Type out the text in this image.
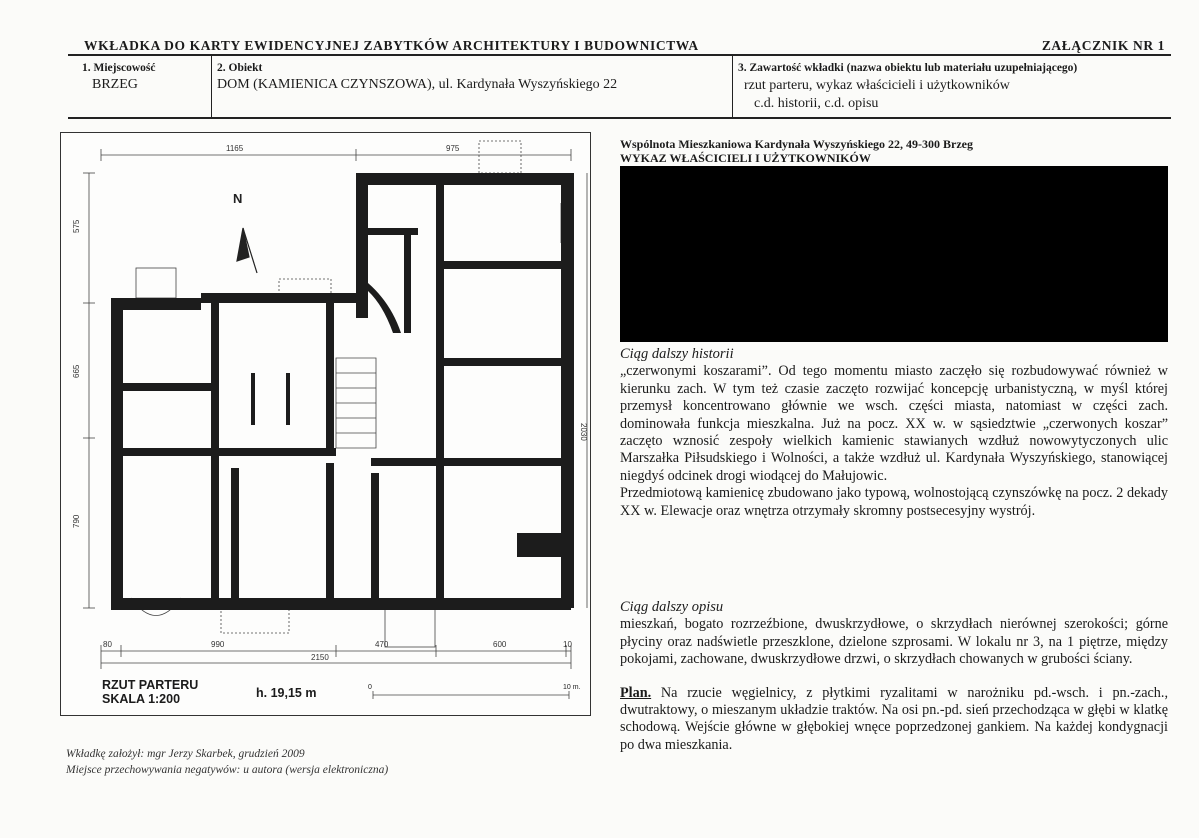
WKŁADKA DO KARTY EWIDENCYJNEJ ZABYTKÓW ARCHITEKTURY I BUDOWNICTWA	ZAŁĄCZNIK NR 1
1. Miejscowość
BRZEG
2. Obiekt
DOM (KAMIENICA CZYNSZOWA), ul. Kardynała Wyszyńskiego 22
3. Zawartość wkładki (nazwa obiektu lub materiału uzupełniającego)
rzut parteru, wykaz właścicieli i użytkowników
c.d. historii, c.d. opisu
N
1165	975
575
665
790
2030
80	990	470	600	10
2150
RZUT PARTERU
SKALA 1:200	h. 19,15 m	0	10 m.
Wkładkę założył: mgr Jerzy Skarbek, grudzień 2009
Miejsce przechowywania negatywów: u autora (wersja elektroniczna)
Wspólnota Mieszkaniowa Kardynała Wyszyńskiego 22, 49-300 Brzeg
WYKAZ WŁAŚCICIELI I UŻYTKOWNIKÓW
Ciąg dalszy historii

„czerwonymi koszarami”. Od tego momentu miasto zaczęło się rozbudowywać również w kierunku zach. W tym też czasie zaczęto rozwijać koncepcję urbanistyczną, w myśl której przemysł koncentrowano głównie we wsch. części miasta, natomiast w części zach. dominowała funkcja mieszkalna. Już na pocz. XX w. w sąsiedztwie „czerwonych koszar” zaczęto wznosić zespoły wielkich kamienic stawianych wzdłuż nowowytyczonych ulic Marszałka Piłsudskiego i Wolności, a także wzdłuż ul. Kardynała Wyszyńskiego, stanowiącej niegdyś odcinek drogi wiodącej do Małujowic.

Przedmiotową kamienicę zbudowano jako typową, wolnostojącą czynszówkę na pocz. 2 dekady XX w. Elewacje oraz wnętrza otrzymały skromny postsecesyjny wystrój.

Ciąg dalszy opisu

mieszkań, bogato rozrzeźbione, dwuskrzydłowe, o skrzydłach nierównej szerokości; górne płyciny oraz nadświetle przeszklone, dzielone szprosami. W lokalu nr 3, na 1 piętrze, między pokojami, zachowane, dwuskrzydłowe drzwi, o skrzydłach chowanych w grubości ściany.

Plan. Na rzucie węgielnicy, z płytkimi ryzalitami w narożniku pd.-wsch. i pn.-zach., dwutraktowy, o mieszanym układzie traktów. Na osi pn.-pd. sień przechodząca w głębi w klatkę schodową. Wejście główne w głębokiej wnęce poprzedzonej gankiem. Na każdej kondygnacji po dwa mieszkania.
